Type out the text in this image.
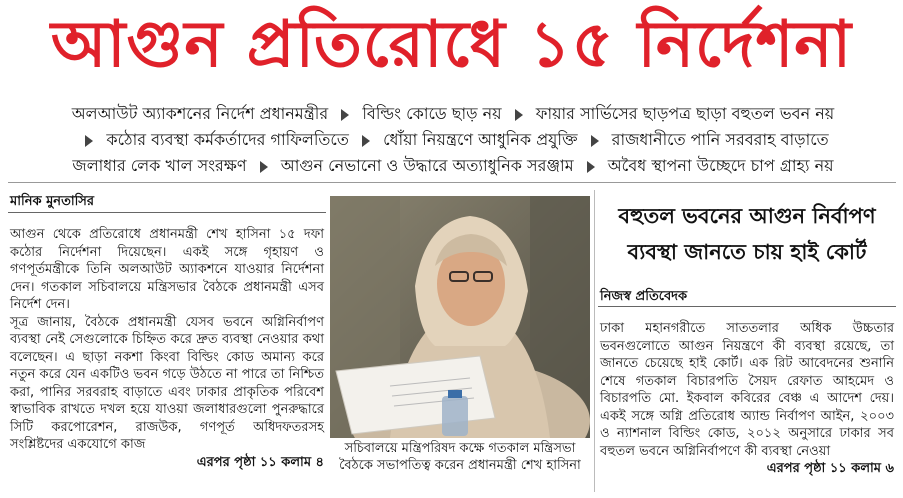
আগুন প্রতিরোধে ১৫ নির্দেশনা
অলআউট অ্যাকশনের নির্দেশ প্রধানমন্ত্রীর বিল্ডিং কোডে ছাড় নয় ফায়ার সার্ভিসের ছাড়পত্র ছাড়া বহুতল ভবন নয়
কঠোর ব্যবস্থা কর্মকর্তাদের গাফিলতিতে ধোঁয়া নিয়ন্ত্রণে আধুনিক প্রযুক্তি রাজধানীতে পানি সরবরাহ বাড়াতে
জলাধার লেক খাল সংরক্ষণ আগুন নেভানো ও উদ্ধারে অত্যাধুনিক সরঞ্জাম অবৈধ স্থাপনা উচ্ছেদে চাপ গ্রাহ্য নয়
মানিক মুনতাসির

আগুন থেকে প্রতিরোধে প্রধানমন্ত্রী শেখ হাসিনা ১৫ দফা কঠোর নির্দেশনা দিয়েছেন। একই সঙ্গে গৃহায়ণ ও গণপূর্তমন্ত্রীকে তিনি অলআউট অ্যাকশনে যাওয়ার নির্দেশনা দেন। গতকাল সচিবালয়ে মন্ত্রিসভার বৈঠকে প্রধানমন্ত্রী এসব নির্দেশ দেন।

সূত্র জানায়, বৈঠকে প্রধানমন্ত্রী যেসব ভবনে অগ্নিনির্বাপণ ব্যবস্থা নেই সেগুলোকে চিহ্নিত করে দ্রুত ব্যবস্থা নেওয়ার কথা বলেছেন। এ ছাড়া নকশা কিংবা বিল্ডিং কোড অমান্য করে নতুন করে যেন একটিও ভবন গড়ে উঠতে না পারে তা নিশ্চিত করা, পানির সরবরাহ বাড়াতে এবং ঢাকার প্রাকৃতিক পরিবেশ স্বাভাবিক রাখতে দখল হয়ে যাওয়া জলাধারগুলো পুনরুদ্ধারে সিটি করপোরেশন, রাজউক, গণপূর্ত অধিদফতরসহ সংশ্লিষ্টদের একযোগে কাজ

এরপর পৃষ্ঠা ১১ কলাম ৪
সচিবালয়ে মন্ত্রিপরিষদ কক্ষে গতকাল মন্ত্রিসভা বৈঠকে সভাপতিত্ব করেন প্রধানমন্ত্রী শেখ হাসিনা
বহুতল ভবনের আগুন নির্বাপণ
ব্যবস্থা জানতে চায় হাই কোর্ট
নিজস্ব প্রতিবেদক

ঢাকা মহানগরীতে সাততলার অধিক উচ্চতার ভবনগুলোতে আগুন নিয়ন্ত্রণে কী ব্যবস্থা রয়েছে, তা জানতে চেয়েছে হাই কোর্ট। এক রিট আবেদনের শুনানি শেষে গতকাল বিচারপতি সৈয়দ রেফাত আহমেদ ও বিচারপতি মো. ইকবাল কবিরের বেঞ্চ এ আদেশ দেয়। একই সঙ্গে অগ্নি প্রতিরোধ অ্যান্ড নির্বাপণ আইন, ২০০৩ ও ন্যাশনাল বিল্ডিং কোড, ২০১২ অনুসারে ঢাকার সব বহুতল ভবনে অগ্নিনির্বাপণে কী ব্যবস্থা নেওয়া

এরপর পৃষ্ঠা ১১ কলাম ৬
